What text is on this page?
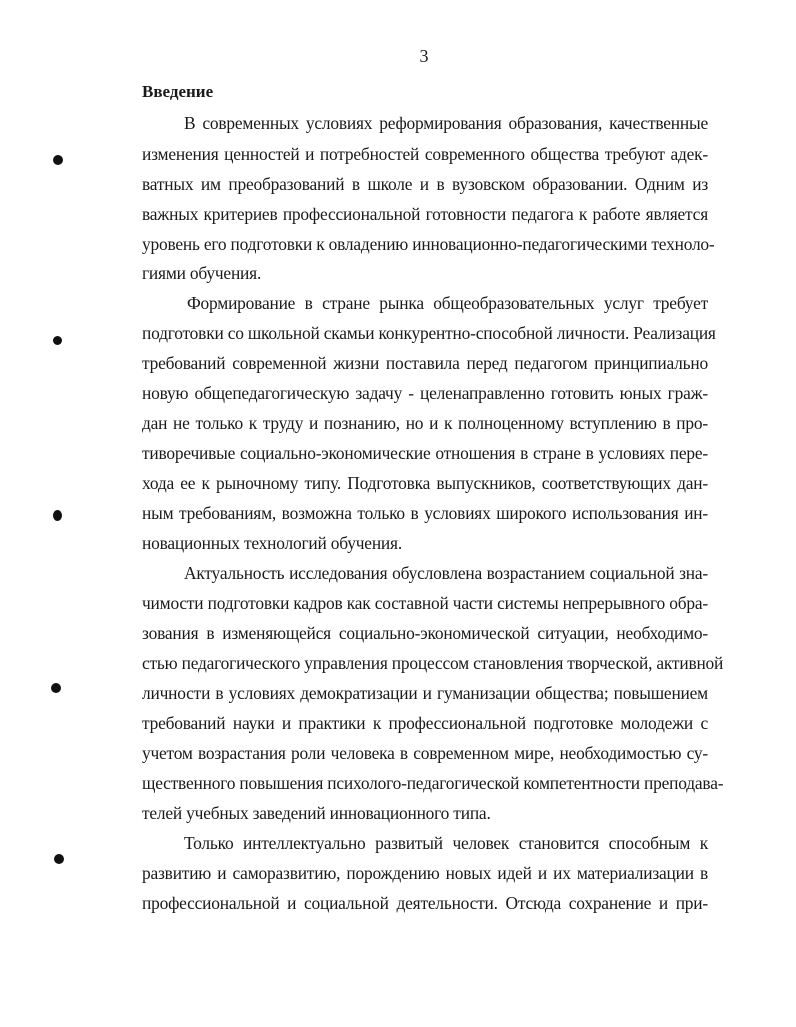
3
Введение
В современных условиях реформирования образования, качественные
изменения ценностей и потребностей современного общества требуют адек-
ватных им преобразований в школе и в вузовском образовании. Одним из
важных критериев профессиональной готовности педагога к работе является
уровень его подготовки к овладению инновационно-педагогическими техноло-
гиями обучения.
Формирование в стране рынка общеобразовательных услуг требует
подготовки со школьной скамьи конкурентно-способной личности. Реализация
требований современной жизни поставила перед педагогом принципиально
новую общепедагогическую задачу - целенаправленно готовить юных граж-
дан не только к труду и познанию, но и к полноценному вступлению в про-
тиворечивые социально-экономические отношения в стране в условиях пере-
хода ее к рыночному типу. Подготовка выпускников, соответствующих дан-
ным требованиям, возможна только в условиях широкого использования ин-
новационных технологий обучения.
Актуальность исследования обусловлена возрастанием социальной зна-
чимости подготовки кадров как составной части системы непрерывного обра-
зования в изменяющейся социально-экономической ситуации, необходимо-
стью педагогического управления процессом становления творческой, активной
личности в условиях демократизации и гуманизации общества; повышением
требований науки и практики к профессиональной подготовке молодежи с
учетом возрастания роли человека в современном мире, необходимостью су-
щественного повышения психолого-педагогической компетентности преподава-
телей учебных заведений инновационного типа.
Только интеллектуально развитый человек становится способным к
развитию и саморазвитию, порождению новых идей и их материализации в
профессиональной и социальной деятельности. Отсюда сохранение и при-
